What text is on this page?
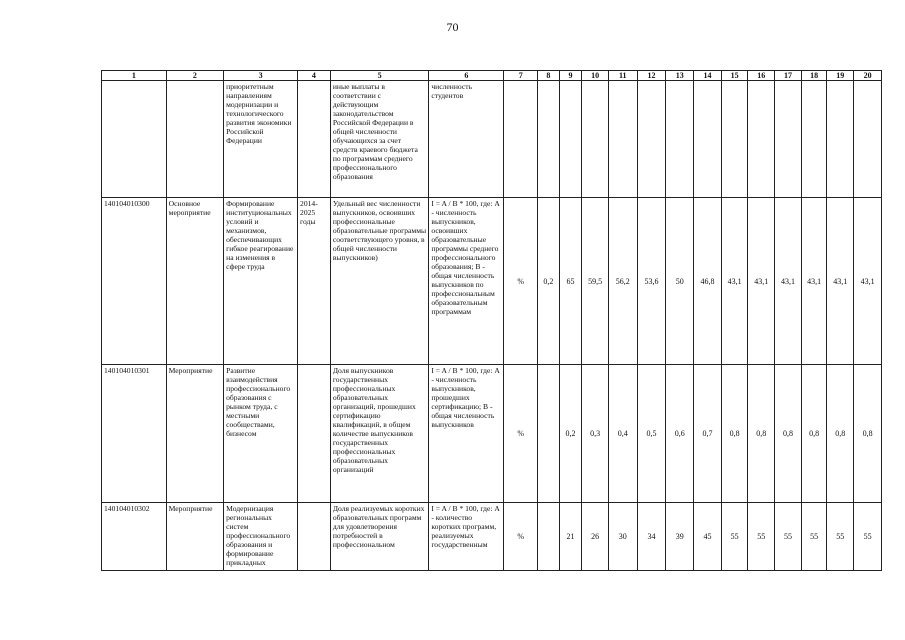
70
1	2	3	4	5	6	7	8	9	10	11	12	13	14	15	16	17	18	19	20
		приоритетным направлениям модернизации и технологического развития экономики Российской Федерации		иные выплаты в соответствии с действующим законодательством Российской Федерации в общей численности обучающихся за счет средств краевого бюджета по программам среднего профессионального образования	численность студентов														
140104010300	Основное мероприятие	Формирование институциональных условий и механизмов, обеспечивающих гибкое реагирование на изменения в сфере труда	2014-2025 годы	Удельный вес численности выпускников, освоивших профессиональные образовательные программы соответствующего уровня, в общей численности выпускников)	I = A / B * 100, где: A - численность выпускников, освоивших образовательные программы среднего профессионального образования; B - общая численность выпускников по профессиональным образовательным программам	%	0,2	65	59,5	56,2	53,6	50	46,8	43,1	43,1	43,1	43,1	43,1	43,1
140104010301	Мероприятие	Развитие взаимодействия профессионального образования с рынком труда, с местными сообществами, бизнесом		Доля выпускников государственных профессиональных образовательных организаций, прошедших сертификацию квалификаций, в общем количестве выпускников государственных профессиональных образовательных организаций	I = A / B * 100, где: A - численность выпускников, прошедших сертификацию; B - общая численность выпускников	%		0,2	0,3	0,4	0,5	0,6	0,7	0,8	0,8	0,8	0,8	0,8	0,8
140104010302	Мероприятие	Модернизация региональных систем профессионального образования и формирование прикладных		Доля реализуемых коротких образовательных программ для удовлетворения потребностей в профессиональном	I = A / B * 100, где: A - количество коротких программ, реализуемых государственным	%		21	26	30	34	39	45	55	55	55	55	55	55
